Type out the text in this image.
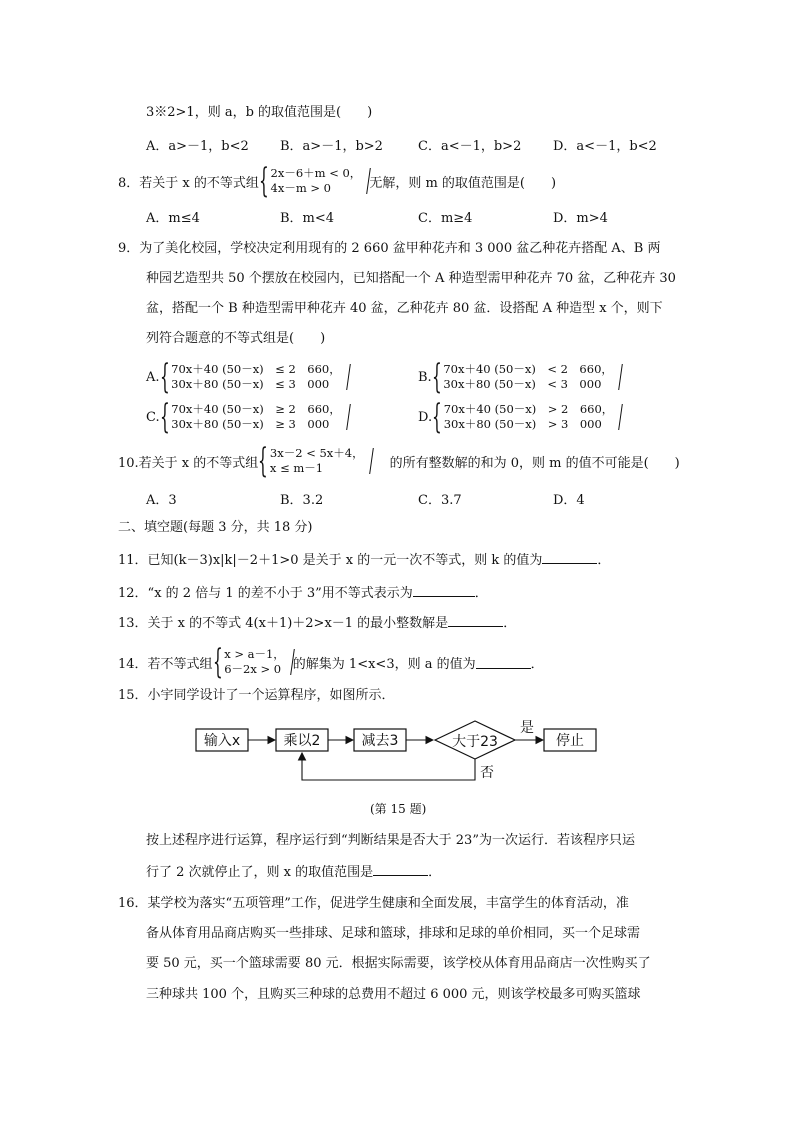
3※2>1，则 a，b 的取值范围是(　　)
A．a>－1，b<2 B．a>－1，b>2	C．a<－1，b>2 D．a<－1，b<2
8．若关于 x 的不等式组 { 2x－6＋m < 0，
4x－m > 0	无解，则 m 的取值范围是(　　)
A．m≤4	B．m<4	C．m≥4	D．m>4
9．为了美化校园，学校决定利用现有的 2 660 盆甲种花卉和 3 000 盆乙种花卉搭配 A、B 两
种园艺造型共 50 个摆放在校园内，已知搭配一个 A 种造型需甲种花卉 70 盆，乙种花卉 30
盆，搭配一个 B 种造型需甲种花卉 40 盆，乙种花卉 80 盆．设搭配 A 种造型 x 个，则下
列符合题意的不等式组是(　　)
A. { 70x＋40 (50－x)　≤ 2　660，
30x＋80 (50－x)　≤ 3　000	B. { 70x＋40 (50－x)　< 2　660，
30x＋80 (50－x)　< 3　000
C. { 70x＋40 (50－x)　≥ 2　660，
30x＋80 (50－x)　≥ 3　000	D. { 70x＋40 (50－x)　> 2　660，
30x＋80 (50－x)　> 3　000
10.若关于 x 的不等式组 { 3x－2 < 5x＋4，
x ≤ m－1	的所有整数解的和为 0，则 m 的值不可能是(　　)
A．3	B．3.2	C．3.7	D．4
二、填空题(每题 3 分，共 18 分)
11．已知(k－3)x|k|－2＋1>0 是关于 x 的一元一次不等式，则 k 的值为	．
12．“x 的 2 倍与 1 的差不小于 3”用不等式表示为	．
13．关于 x 的不等式 4(x＋1)＋2>x－1 的最小整数解是	．
14．若不等式组 { x > a－1，
6－2x > 0 的解集为 1<x<3，则 a 的值为	．
15．小宇同学设计了一个运算程序，如图所示．
输入x	乘以2	减去3	大于23	停止
是
否
(第 15 题)
按上述程序进行运算，程序运行到“判断结果是否大于 23”为一次运行．若该程序只运
行了 2 次就停止了，则 x 的取值范围是	．
16．某学校为落实“五项管理”工作，促进学生健康和全面发展，丰富学生的体育活动，准
备从体育用品商店购买一些排球、足球和篮球，排球和足球的单价相同，买一个足球需
要 50 元，买一个篮球需要 80 元．根据实际需要，该学校从体育用品商店一次性购买了
三种球共 100 个，且购买三种球的总费用不超过 6 000 元，则该学校最多可购买篮球
